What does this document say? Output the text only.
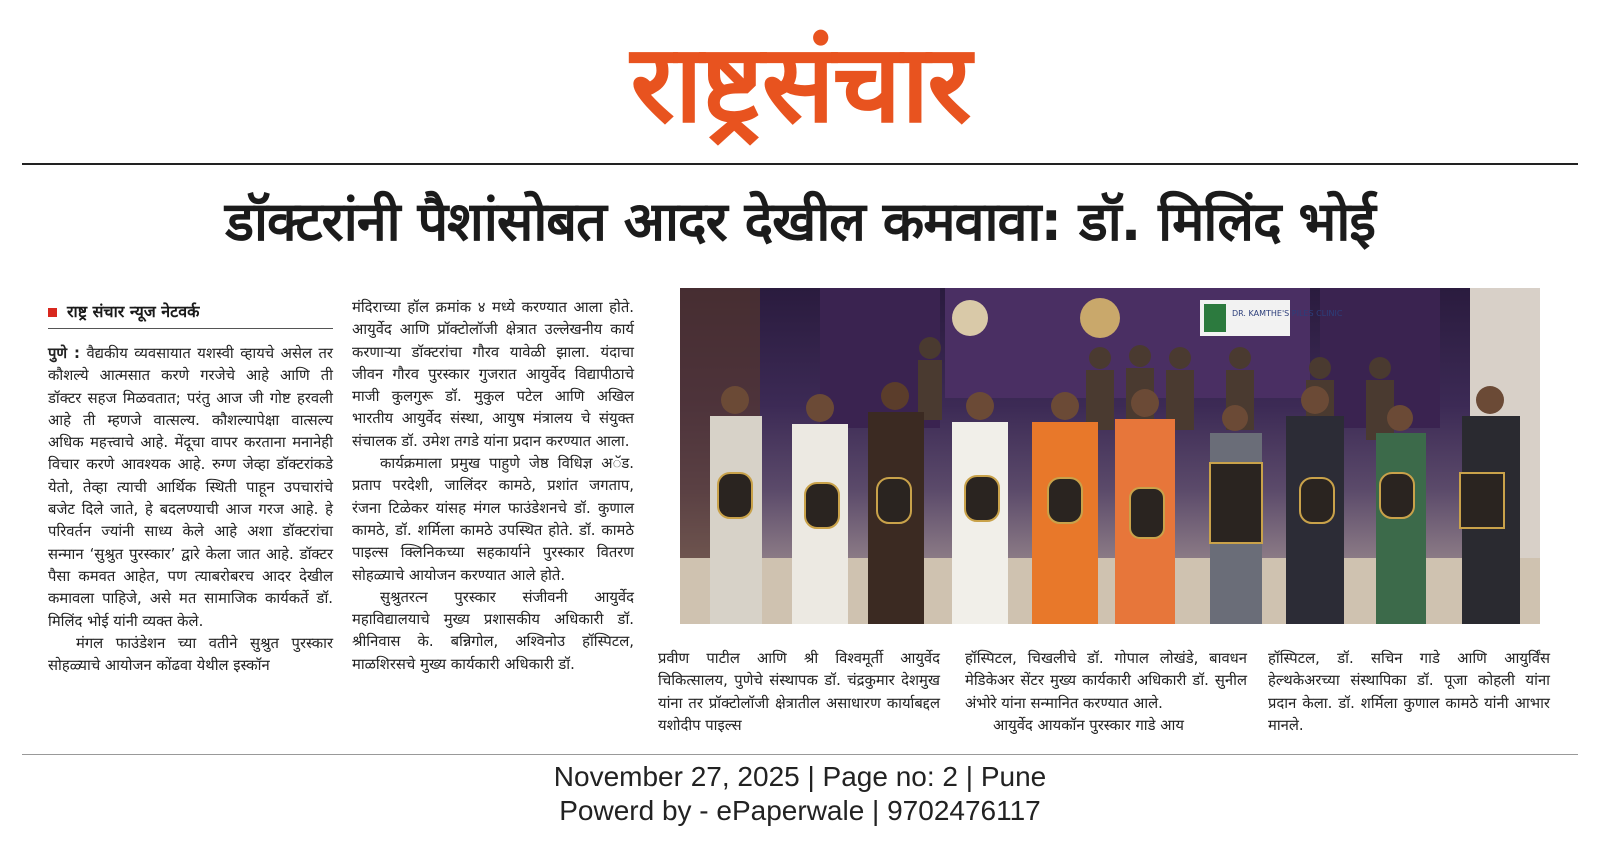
राष्ट्रसंचार
डॉक्टरांनी पैशांसोबत आदर देखील कमवावा: डॉ. मिलिंद भोई
राष्ट्र संचार न्यूज नेटवर्क

पुणे : वैद्यकीय व्यवसायात यशस्वी व्हायचे असेल तर कौशल्ये आत्मसात करणे गरजेचे आहे आणि ती डॉक्टर सहज मिळवतात; परंतु आज जी गोष्ट हरवली आहे ती म्हणजे वात्सल्य. कौशल्यापेक्षा वात्सल्य अधिक महत्त्वाचे आहे. मेंदूचा वापर करताना मनानेही विचार करणे आवश्यक आहे. रुग्ण जेव्हा डॉक्टरांकडे येतो, तेव्हा त्याची आर्थिक स्थिती पाहून उपचारांचे बजेट दिले जाते, हे बदलण्याची आज गरज आहे. हे परिवर्तन ज्यांनी साध्य केले आहे अशा डॉक्टरांचा सन्मान ‘सुश्रुत पुरस्कार’ द्वारे केला जात आहे. डॉक्टर पैसा कमवत आहेत, पण त्याबरोबरच आदर देखील कमावला पाहिजे, असे मत सामाजिक कार्यकर्ते डॉ. मिलिंद भोई यांनी व्यक्त केले.

मंगल फाउंडेशन च्या वतीने सुश्रुत पुरस्कार सोहळ्याचे आयोजन कोंढवा येथील इस्कॉन

मंदिराच्या हॉल क्रमांक ४ मध्ये करण्यात आला होते. आयुर्वेद आणि प्रॉक्टोलॉजी क्षेत्रात उल्लेखनीय कार्य करणाऱ्या डॉक्टरांचा गौरव यावेळी झाला. यंदाचा जीवन गौरव पुरस्कार गुजरात आयुर्वेद विद्यापीठाचे माजी कुलगुरू डॉ. मुकुल पटेल आणि अखिल भारतीय आयुर्वेद संस्था, आयुष मंत्रालय चे संयुक्त संचालक डॉ. उमेश तगडे यांना प्रदान करण्यात आला.

कार्यक्रमाला प्रमुख पाहुणे जेष्ठ विधिज्ञ अॅड. प्रताप परदेशी, जालिंदर कामठे, प्रशांत जगताप, रंजना टिळेकर यांसह मंगल फाउंडेशनचे डॉ. कुणाल कामठे, डॉ. शर्मिला कामठे उपस्थित होते. डॉ. कामठे पाइल्स क्लिनिकच्या सहकार्याने पुरस्कार वितरण सोहळ्याचे आयोजन करण्यात आले होते.

सुश्रुतरत्न पुरस्कार संजीवनी आयुर्वेद महाविद्यालयाचे मुख्य प्रशासकीय अधिकारी डॉ. श्रीनिवास के. बन्निगोल, अश्विनोउ हॉस्पिटल, माळशिरसचे मुख्य कार्यकारी अधिकारी डॉ.

DR. KAMTHE'S PILES CLINIC

प्रवीण पाटील आणि श्री विश्वमूर्ती आयुर्वेद चिकित्सालय, पुणेचे संस्थापक डॉ. चंद्रकुमार देशमुख यांना तर प्रॉक्टोलॉजी क्षेत्रातील असाधारण कार्याबद्दल यशोदीप पाइल्स

हॉस्पिटल, चिखलीचे डॉ. गोपाल लोखंडे, बावधन मेडिकेअर सेंटर मुख्य कार्यकारी अधिकारी डॉ. सुनील अंभोरे यांना सन्मानित करण्यात आले.

आयुर्वेद आयकॉन पुरस्कार गाडे आय

हॉस्पिटल, डॉ. सचिन गाडे आणि आयुर्विंस हेल्थकेअरच्या संस्थापिका डॉ. पूजा कोहली यांना प्रदान केला. डॉ. शर्मिला कुणाल कामठे यांनी आभार मानले.

November 27, 2025 | Page no: 2 | Pune
Powerd by - ePaperwale | 9702476117
